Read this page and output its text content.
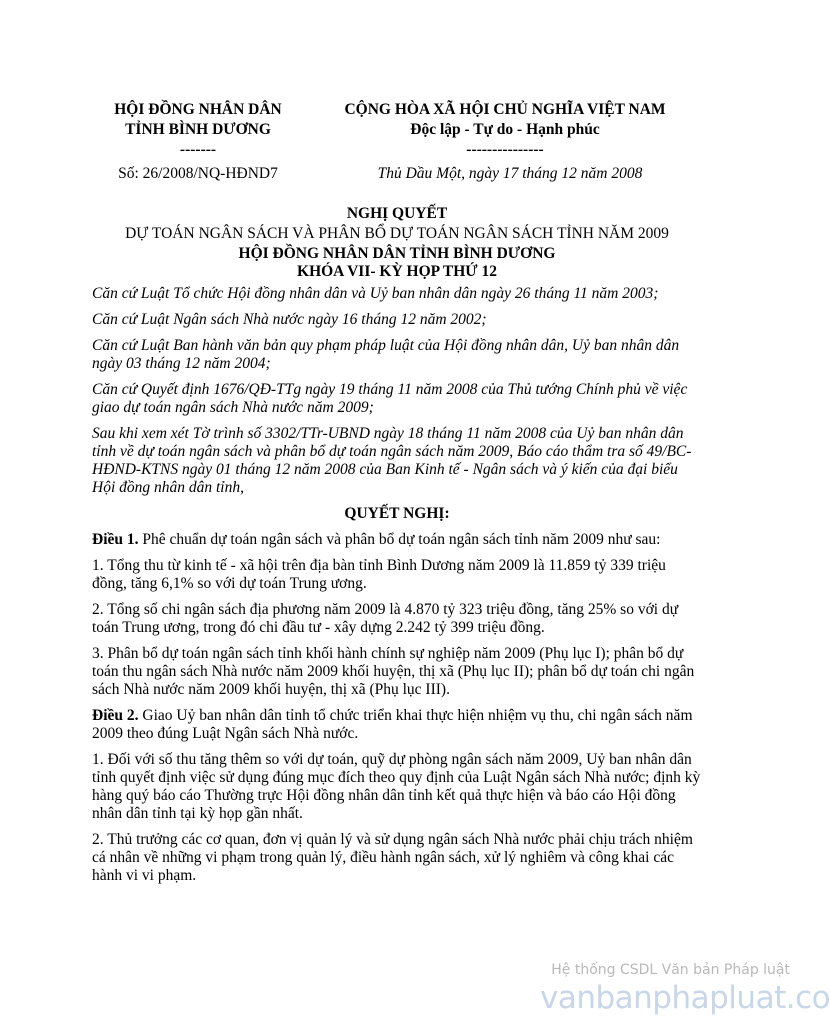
HỘI ĐỒNG NHÂN DÂN
TỈNH BÌNH DƯƠNG
-------
CỘNG HÒA XÃ HỘI CHỦ NGHĨA VIỆT NAM
Độc lập - Tự do - Hạnh phúc
---------------
Số: 26/2008/NQ-HĐND7	Thủ Dầu Một, ngày 17 tháng 12 năm 2008
NGHỊ QUYẾT
DỰ TOÁN NGÂN SÁCH VÀ PHÂN BỔ DỰ TOÁN NGÂN SÁCH TỈNH NĂM 2009
HỘI ĐỒNG NHÂN DÂN TỈNH BÌNH DƯƠNG
KHÓA VII- KỲ HỌP THỨ 12

Căn cứ Luật Tổ chức Hội đồng nhân dân và Uỷ ban nhân dân ngày 26 tháng 11 năm 2003;

Căn cứ Luật Ngân sách Nhà nước ngày 16 tháng 12 năm 2002;

Căn cứ Luật Ban hành văn bản quy phạm pháp luật của Hội đồng nhân dân, Uỷ ban nhân dân ngày 03 tháng 12 năm 2004;

Căn cứ Quyết định 1676/QĐ-TTg ngày 19 tháng 11 năm 2008 của Thủ tướng Chính phủ về việc giao dự toán ngân sách Nhà nước năm 2009;

Sau khi xem xét Tờ trình số 3302/TTr-UBND ngày 18 tháng 11 năm 2008 của Uỷ ban nhân dân tỉnh về dự toán ngân sách và phân bổ dự toán ngân sách năm 2009, Báo cáo thẩm tra số 49/BC-HĐND-KTNS ngày 01 tháng 12 năm 2008 của Ban Kinh tế - Ngân sách và ý kiến của đại biểu Hội đồng nhân dân tỉnh,

QUYẾT NGHỊ:

Điều 1. Phê chuẩn dự toán ngân sách và phân bổ dự toán ngân sách tỉnh năm 2009 như sau:

1. Tổng thu từ kinh tế - xã hội trên địa bàn tỉnh Bình Dương năm 2009 là 11.859 tỷ 339 triệu đồng, tăng 6,1% so với dự toán Trung ương.

2. Tổng số chi ngân sách địa phương năm 2009 là 4.870 tỷ 323 triệu đồng, tăng 25% so với dự toán Trung ương, trong đó chi đầu tư - xây dựng 2.242 tỷ 399 triệu đồng.

3. Phân bổ dự toán ngân sách tỉnh khối hành chính sự nghiệp năm 2009 (Phụ lục I); phân bổ dự toán thu ngân sách Nhà nước năm 2009 khối huyện, thị xã (Phụ lục II); phân bổ dự toán chi ngân sách Nhà nước năm 2009 khối huyện, thị xã (Phụ lục III).

Điều 2. Giao Uỷ ban nhân dân tỉnh tổ chức triển khai thực hiện nhiệm vụ thu, chi ngân sách năm 2009 theo đúng Luật Ngân sách Nhà nước.

1. Đối với số thu tăng thêm so với dự toán, quỹ dự phòng ngân sách năm 2009, Uỷ ban nhân dân tỉnh quyết định việc sử dụng đúng mục đích theo quy định của Luật Ngân sách Nhà nước; định kỳ hàng quý báo cáo Thường trực Hội đồng nhân dân tỉnh kết quả thực hiện và báo cáo Hội đồng nhân dân tỉnh tại kỳ họp gần nhất.

2. Thủ trưởng các cơ quan, đơn vị quản lý và sử dụng ngân sách Nhà nước phải chịu trách nhiệm cá nhân về những vi phạm trong quản lý, điều hành ngân sách, xử lý nghiêm và công khai các hành vi vi phạm.

Hệ thống CSDL Văn bản Pháp luật
vanbanphapluat.co
